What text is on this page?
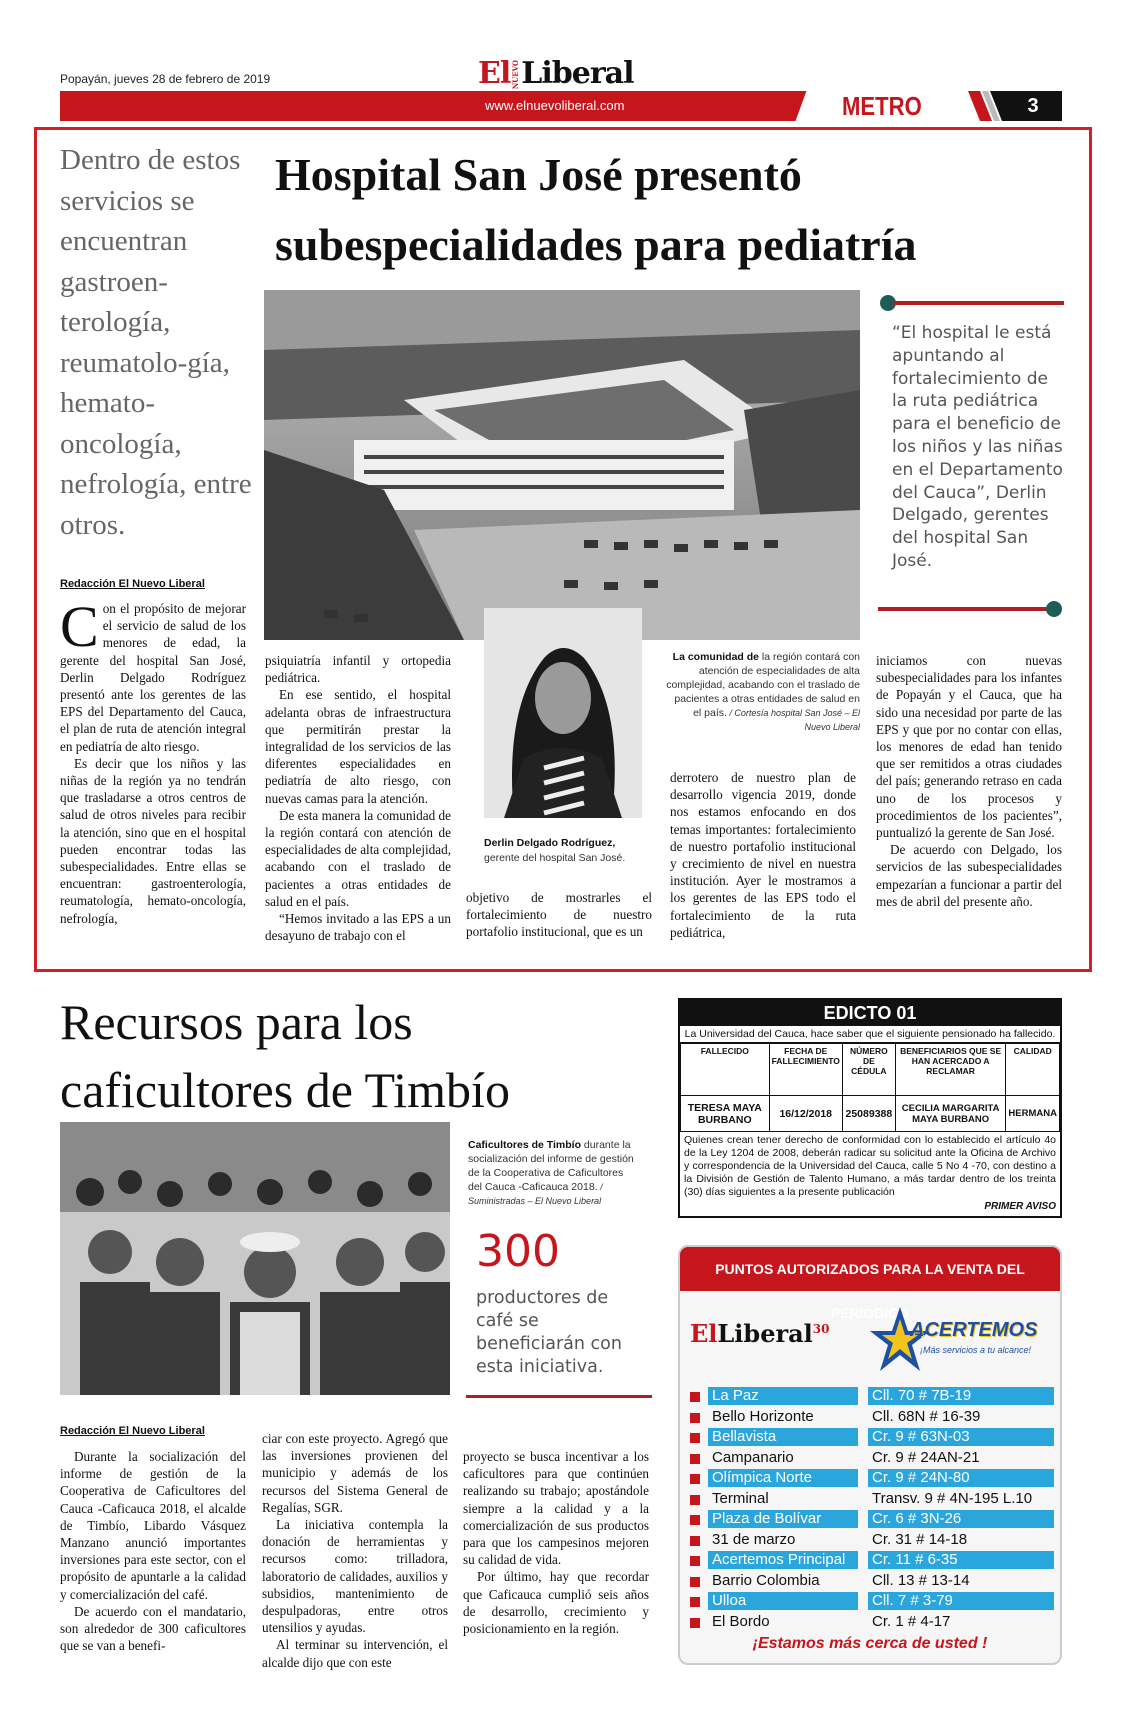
Popayán, jueves 28 de febrero de 2019	ElNUEVOLiberal
www.elnuevoliberal.com	METRO	3
Dentro de estos servicios se encuentran gastroen-terología, reumatolo-gía, hemato-oncología, nefrología, entre otros.
Hospital San José presentó subespecialidades para pediatría
Derlin Delgado Rodríguez,
gerente del hospital San José.
La comunidad de la región contará con atención de especialidades de alta complejidad, acabando con el traslado de pacientes a otras entidades de salud en el país. / Cortesía hospital San José – El Nuevo Liberal
“El hospital le está apuntando al fortalecimiento de la ruta pediátrica para el beneficio de los niños y las niñas en el Departamento del Cauca”, Derlin Delgado, gerentes del hospital San José.
Redacción El Nuevo Liberal

Con el propósito de mejorar el servicio de salud de los menores de edad, la gerente del hospital San José, Derlin Delgado Rodríguez presentó ante los gerentes de las EPS del Departamento del Cauca, el plan de ruta de atención integral en pediatría de alto riesgo.

Es decir que los niños y las niñas de la región ya no tendrán que trasladarse a otros centros de salud de otros niveles para recibir la atención, sino que en el hospital pueden encontrar todas las subespecialidades. Entre ellas se encuentran: gastroenterología, reumatología, hemato-oncología, nefrología,

psiquiatría infantil y ortopedia pediátrica.

En ese sentido, el hospital adelanta obras de infraestructura que permitirán prestar la integralidad de los servicios de las diferentes especialidades en pediatría de alto riesgo, con nuevas camas para la atención.

De esta manera la comunidad de la región contará con atención de especialidades de alta complejidad, acabando con el traslado de pacientes a otras entidades de salud en el país.

“Hemos invitado a las EPS a un desayuno de trabajo con el

objetivo de mostrarles el fortalecimiento de nuestro portafolio institucional, que es un

derrotero de nuestro plan de desarrollo vigencia 2019, donde nos estamos enfocando en dos temas importantes: fortalecimiento de nuestro portafolio institucional y crecimiento de nivel en nuestra institución. Ayer le mostramos a los gerentes de las EPS todo el fortalecimiento de la ruta pediátrica,

iniciamos con nuevas subespecialidades para los infantes de Popayán y el Cauca, que ha sido una necesidad por parte de las EPS y que por no contar con ellas, los menores de edad han tenido que ser remitidos a otras ciudades del país; generando retraso en cada uno de los procesos y procedimientos de los pacientes”, puntualizó la gerente de San José.

De acuerdo con Delgado, los servicios de las subespecialidades empezarían a funcionar a partir del mes de abril del presente año.

Recursos para los caficultores de Timbío
Caficultores de Timbío durante la socialización del informe de gestión de la Cooperativa de Caficultores del Cauca -Caficauca 2018. / Suministradas – El Nuevo Liberal
300
productores de café se beneficiarán con esta iniciativa.
Redacción El Nuevo Liberal

Durante la socialización del informe de gestión de la Cooperativa de Caficultores del Cauca -Caficauca 2018, el alcalde de Timbío, Libardo Vásquez Manzano anunció importantes inversiones para este sector, con el propósito de apuntarle a la calidad y comercialización del café.

De acuerdo con el mandatario, son alrededor de 300 caficultores que se van a benefi-

ciar con este proyecto. Agregó que las inversiones provienen del municipio y además de los recursos del Sistema General de Regalías, SGR.

La iniciativa contempla la donación de herramientas y recursos como: trilladora, laboratorio de calidades, auxilios y subsidios, mantenimiento de despulpadoras, entre otros utensilios y ayudas.

Al terminar su intervención, el alcalde dijo que con este

proyecto se busca incentivar a los caficultores para que continúen realizando su trabajo; apostándole siempre a la calidad y a la comercialización de sus productos para que los campesinos mejoren su calidad de vida.

Por último, hay que recordar que Caficauca cumplió seis años de desarrollo, crecimiento y posicionamiento en la región.

EDICTO 01
La Universidad del Cauca, hace saber que el siguiente pensionado ha fallecido.
FALLECIDO	FECHA DE FALLECIMIENTO	NÚMERO DE CÉDULA	BENEFICIARIOS QUE SE HAN ACERCADO A RECLAMAR	CALIDAD
TERESA MAYA BURBANO	16/12/2018	25089388	CECILIA MARGARITA MAYA BURBANO	HERMANA
Quienes crean tener derecho de conformidad con lo establecido el artículo 4o de la Ley 1204 de 2008, deberán radicar su solicitud ante la Oficina de Archivo y correspondencia de la Universidad del Cauca, calle 5 No 4 -70, con destino a la División de Gestión de Talento Humano, a más tardar dentro de los treinta (30) días siguientes a la presente publicación
PRIMER AVISO
PUNTOS AUTORIZADOS PARA LA VENTA DEL PERIÓDICO
ElLiberal$^{30}$	ACERTEMOS
¡Más servicios a tu alcance!
La Paz	Cll. 70 # 7B-19
Bello Horizonte	Cll. 68N # 16-39
Bellavista	Cr. 9 # 63N-03
Campanario	Cr. 9 # 24AN-21
Olímpica Norte	Cr. 9 # 24N-80
Terminal	Transv. 9 # 4N-195 L.10
Plaza de Bolívar	Cr. 6 # 3N-26
31 de marzo	Cr. 31 # 14-18
Acertemos Principal	Cr. 11 # 6-35
Barrio Colombia	Cll. 13 # 13-14
Ulloa	Cll. 7 # 3-79
El Bordo	Cr. 1 # 4-17
¡Estamos más cerca de usted !
